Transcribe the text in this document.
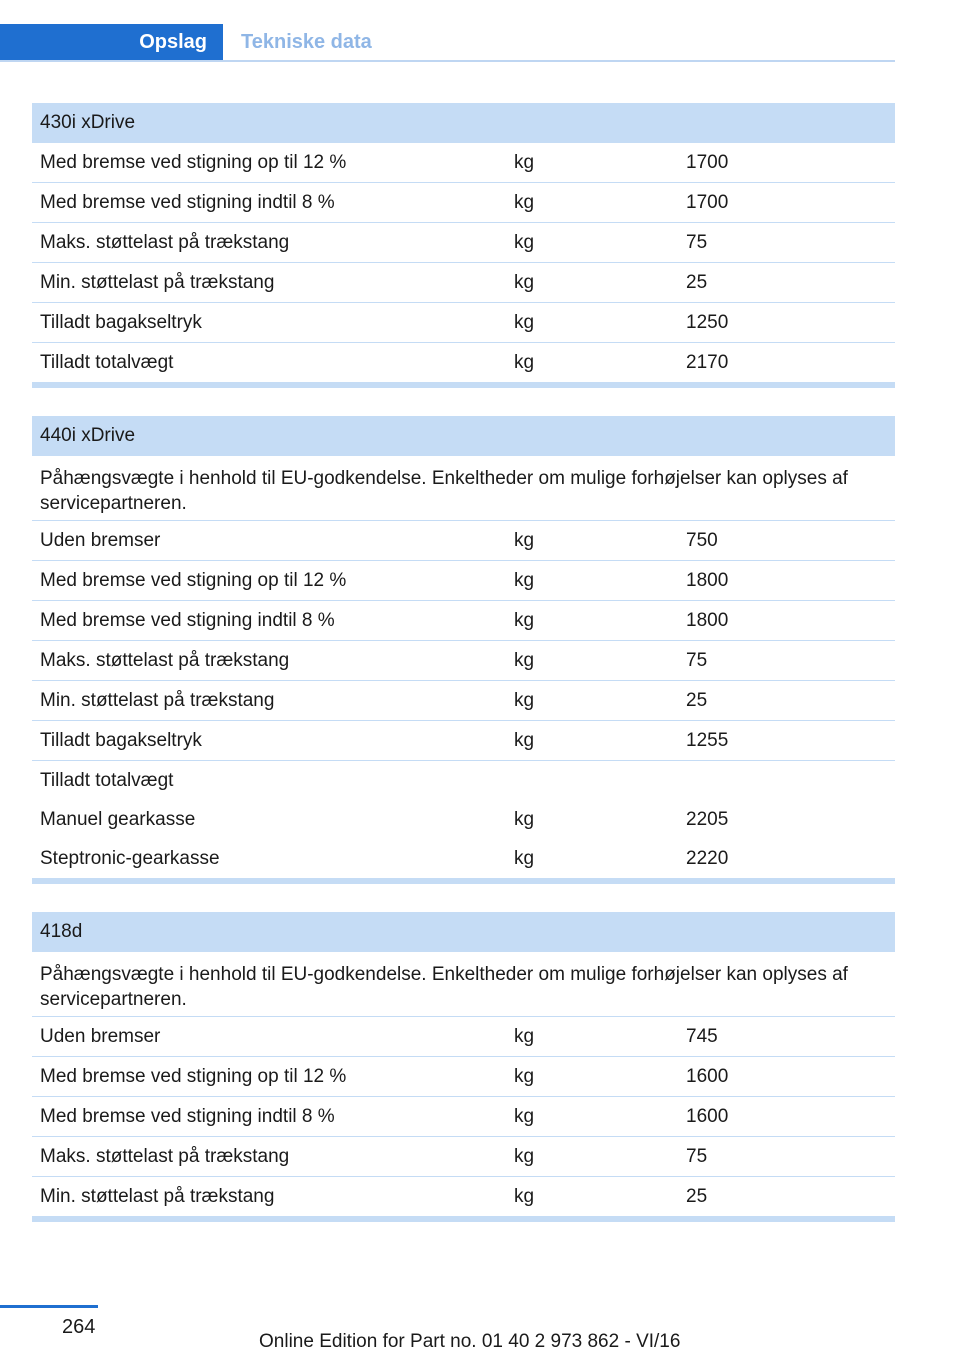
Opslag	Tekniske data
430i xDrive
Med bremse ved stigning op til 12 %	kg	1700
Med bremse ved stigning indtil 8 %	kg	1700
Maks. støttelast på trækstang	kg	75
Min. støttelast på trækstang	kg	25
Tilladt bagakseltryk	kg	1250
Tilladt totalvægt	kg	2170
440i xDrive
Påhængsvægte i henhold til EU-godkendelse. Enkeltheder om mulige forhøjelser kan oplyses af servicepartneren.
Uden bremser	kg	750
Med bremse ved stigning op til 12 %	kg	1800
Med bremse ved stigning indtil 8 %	kg	1800
Maks. støttelast på trækstang	kg	75
Min. støttelast på trækstang	kg	25
Tilladt bagakseltryk	kg	1255
Tilladt totalvægt
Manuel gearkasse	kg	2205
Steptronic-gearkasse	kg	2220
418d
Påhængsvægte i henhold til EU-godkendelse. Enkeltheder om mulige forhøjelser kan oplyses af servicepartneren.
Uden bremser	kg	745
Med bremse ved stigning op til 12 %	kg	1600
Med bremse ved stigning indtil 8 %	kg	1600
Maks. støttelast på trækstang	kg	75
Min. støttelast på trækstang	kg	25
264
Online Edition for Part no. 01 40 2 973 862 - VI/16
